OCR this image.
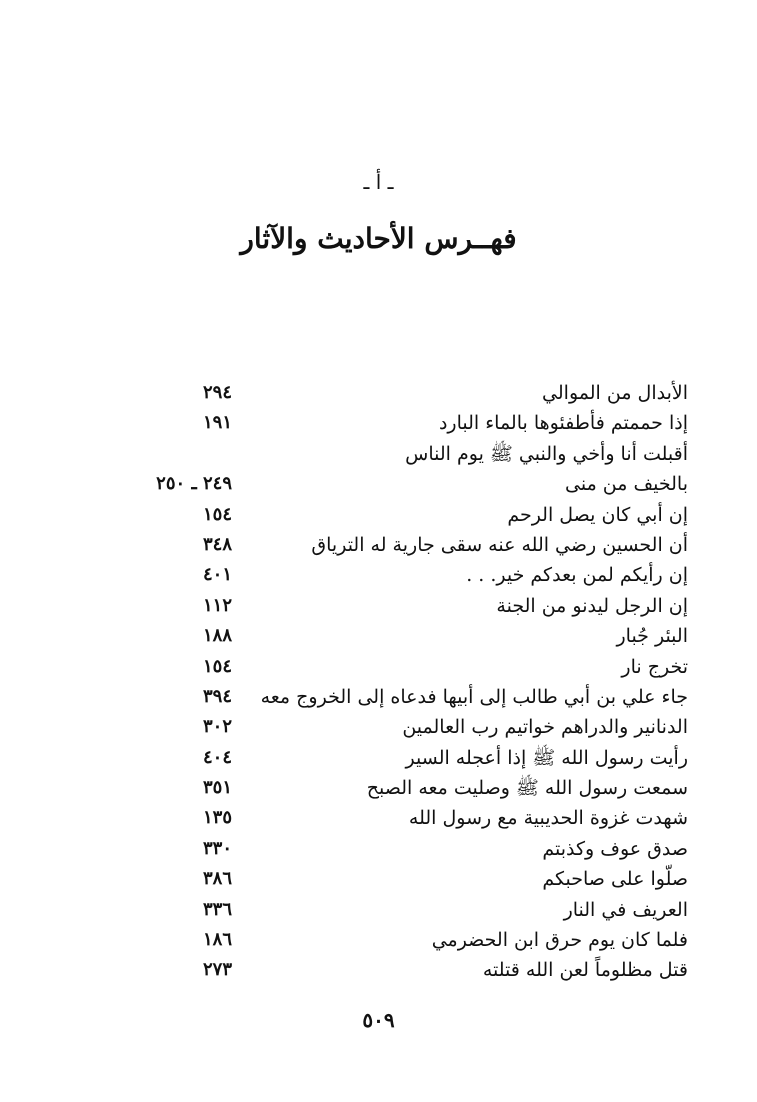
ـ أ ـ
فهــرس الأحاديث والآثار
الأبدال من الموالي
٢٩٤
إذا حممتم فأطفئوها بالماء البارد
١٩١
أقبلت أنا وأخي والنبي ﷺ يوم الناس
بالخيف من منى
٢٤٩ ـ ٢٥٠
إن أبي كان يصل الرحم
١٥٤
أن الحسين رضي الله عنه سقى جارية له الترياق
٣٤٨
إن رأيكم لمن بعدكم خير. . .
٤٠١
إن الرجل ليدنو من الجنة
١١٢
البئر جُبار
١٨٨
تخرج نار
١٥٤
جاء علي بن أبي طالب إلى أبيها فدعاه إلى الخروج معه
٣٩٤
الدنانير والدراهم خواتيم رب العالمين
٣٠٢
رأيت رسول الله ﷺ إذا أعجله السير
٤٠٤
سمعت رسول الله ﷺ وصليت معه الصبح
٣٥١
شهدت غزوة الحديبية مع رسول الله
١٣٥
صدق عوف وكذبتم
٣٣٠
صلّوا على صاحبكم
٣٨٦
العريف في النار
٣٣٦
فلما كان يوم حرق ابن الحضرمي
١٨٦
قتل مظلوماً لعن الله قتلته
٢٧٣
٥٠٩
